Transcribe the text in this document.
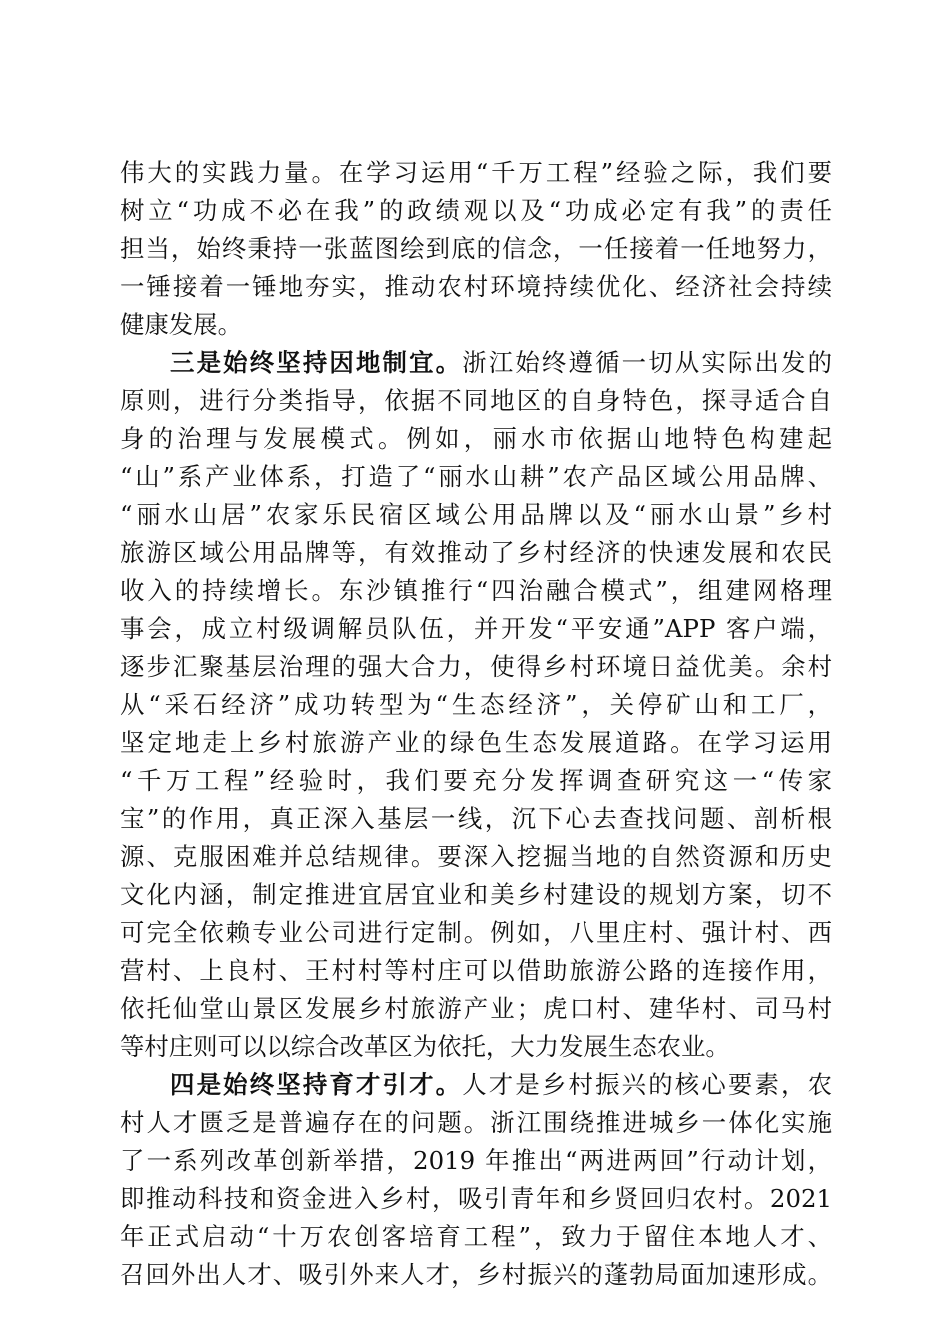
伟大的实践力量。在学习运用“千万工程”经验之际，我们要
树立“功成不必在我”的政绩观以及“功成必定有我”的责任
担当，始终秉持一张蓝图绘到底的信念，一任接着一任地努力，
一锤接着一锤地夯实，推动农村环境持续优化、经济社会持续
健康发展。
三是始终坚持因地制宜。浙江始终遵循一切从实际出发的
原则，进行分类指导，依据不同地区的自身特色，探寻适合自
身的治理与发展模式。例如，丽水市依据山地特色构建起
“山”系产业体系，打造了“丽水山耕”农产品区域公用品牌、
“丽水山居”农家乐民宿区域公用品牌以及“丽水山景”乡村
旅游区域公用品牌等，有效推动了乡村经济的快速发展和农民
收入的持续增长。东沙镇推行“四治融合模式”，组建网格理
事会，成立村级调解员队伍，并开发“平安通”APP 客户端，
逐步汇聚基层治理的强大合力，使得乡村环境日益优美。余村
从“采石经济”成功转型为“生态经济”，关停矿山和工厂，
坚定地走上乡村旅游产业的绿色生态发展道路。在学习运用
“千万工程”经验时，我们要充分发挥调查研究这一“传家
宝”的作用，真正深入基层一线，沉下心去查找问题、剖析根
源、克服困难并总结规律。要深入挖掘当地的自然资源和历史
文化内涵，制定推进宜居宜业和美乡村建设的规划方案，切不
可完全依赖专业公司进行定制。例如，八里庄村、强计村、西
营村、上良村、王村村等村庄可以借助旅游公路的连接作用，
依托仙堂山景区发展乡村旅游产业；虎口村、建华村、司马村
等村庄则可以以综合改革区为依托，大力发展生态农业。
四是始终坚持育才引才。人才是乡村振兴的核心要素，农
村人才匮乏是普遍存在的问题。浙江围绕推进城乡一体化实施
了一系列改革创新举措，2019 年推出“两进两回”行动计划，
即推动科技和资金进入乡村，吸引青年和乡贤回归农村。2021
年正式启动“十万农创客培育工程”，致力于留住本地人才、
召回外出人才、吸引外来人才，乡村振兴的蓬勃局面加速形成。
